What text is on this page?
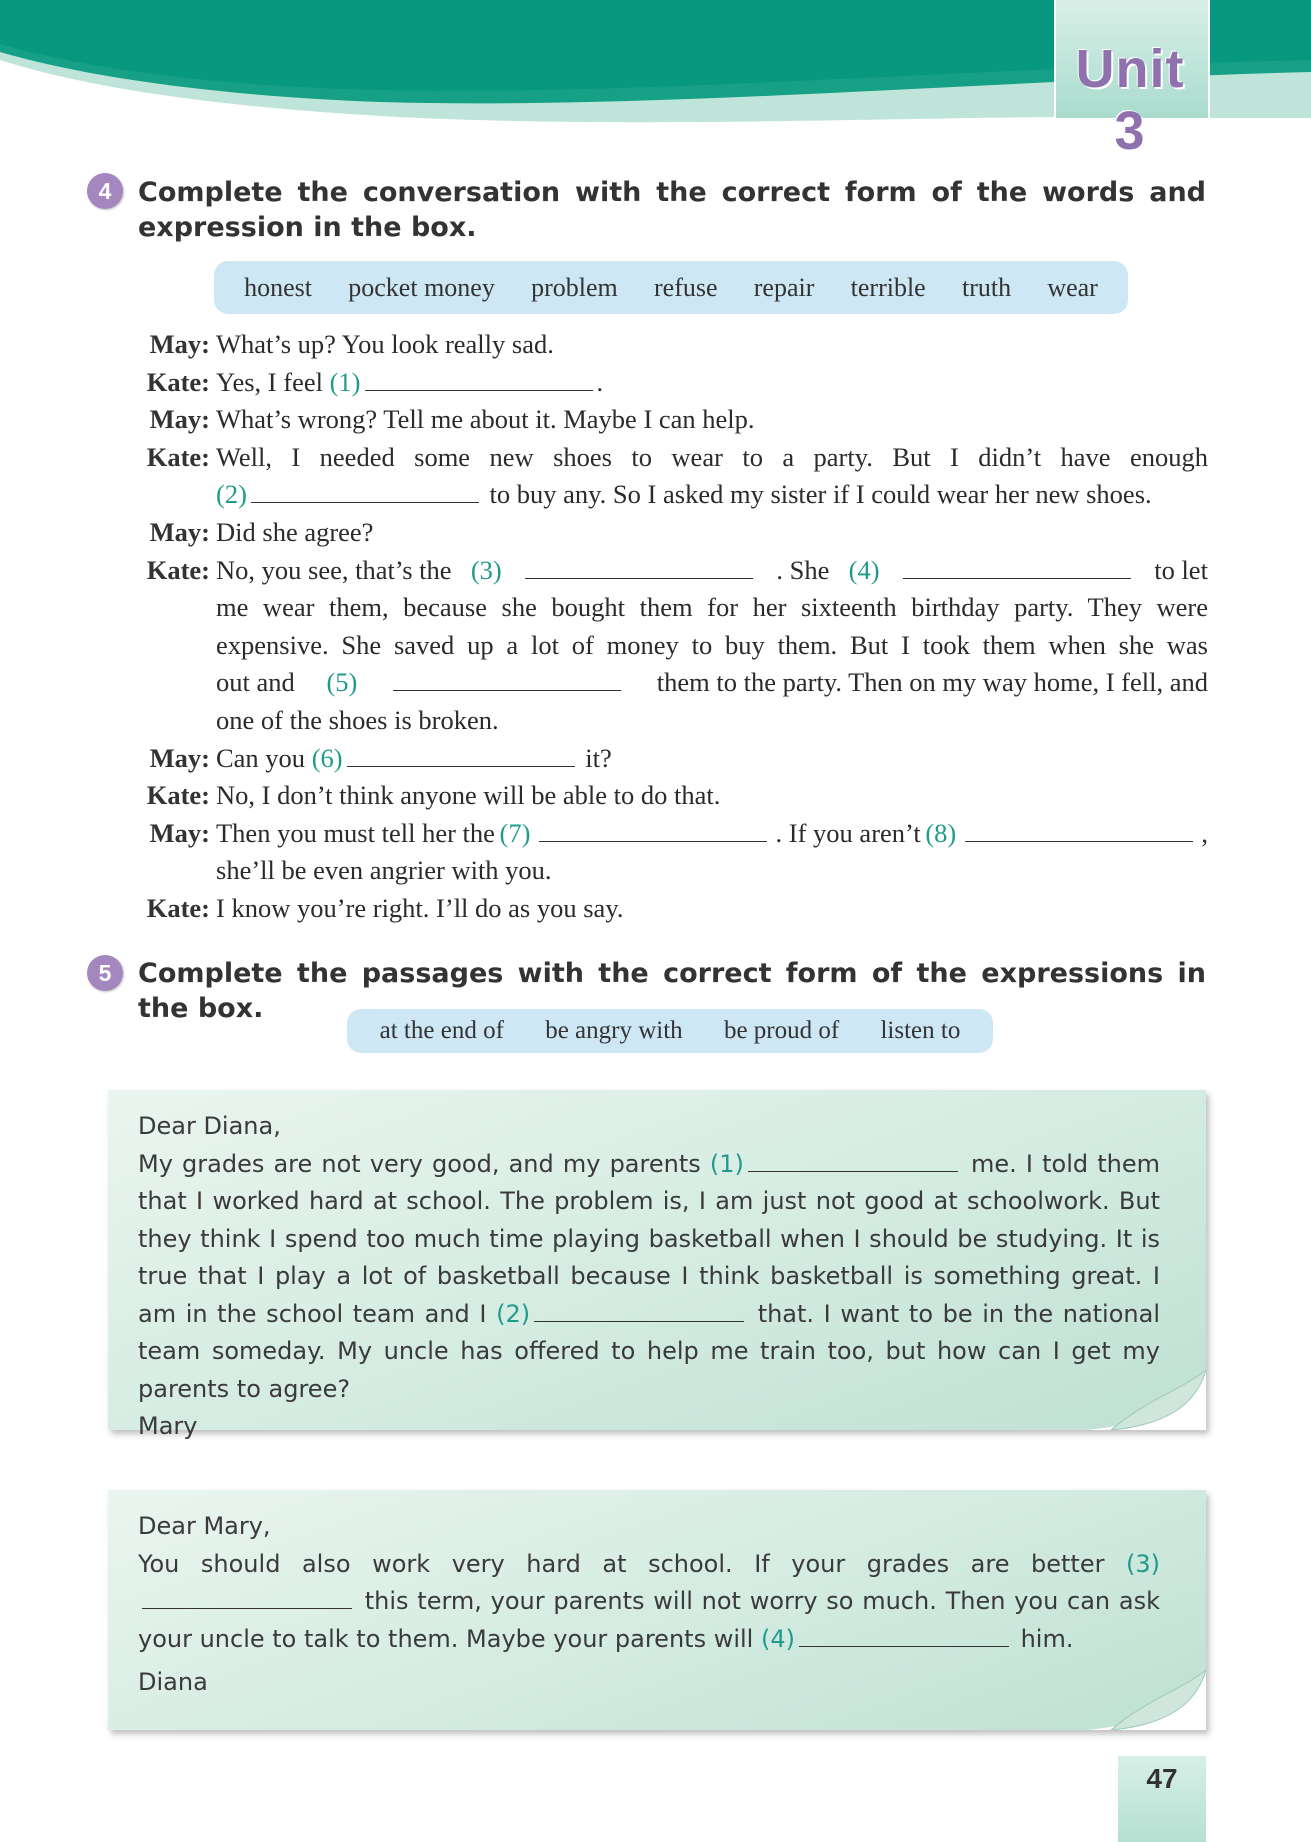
Unit 3
4 Complete the conversation with the correct form of the words and expression in the box.
honest pocket money problem refuse repair terrible truth wear
May: What’s up? You look really sad.
Kate: Yes, I feel (1)	.
May: What’s wrong? Tell me about it. Maybe I can help.
Kate: Well, I needed some new shoes to wear to a party. But I didn’t have enough
(2)	to buy any. So I asked my sister if I could wear her new shoes.
May: Did she agree?
Kate: No, you see, that’s the (3)	. She (4)	to let
me wear them, because she bought them for her sixteenth birthday party. They were
expensive. She saved up a lot of money to buy them. But I took them when she was
out and (5)	them to the party. Then on my way home, I fell, and
one of the shoes is broken.
May: Can you (6)	it?
Kate: No, I don’t think anyone will be able to do that.
May: Then you must tell her the (7)	. If you aren’t (8)	,
she’ll be even angrier with you.
Kate: I know you’re right. I’ll do as you say.
5 Complete the passages with the correct form of the expressions in the box.
at the end of be angry with be proud of listen to

Dear Diana,

My grades are not very good, and my parents (1)	me. I told them that I worked hard at school. The problem is, I am just not good at schoolwork. But they think I spend too much time playing basketball when I should be studying. It is true that I play a lot of basketball because I think basketball is something great. I am in the school team and I (2)	that. I want to be in the national team someday. My uncle has offered to help me train too, but how can I get my parents to agree?

Mary

Dear Mary,

You should also work very hard at school. If your grades are better (3) this term, your parents will not worry so much. Then you can ask your uncle to talk to them. Maybe your parents will (4)	him.

Diana

47
